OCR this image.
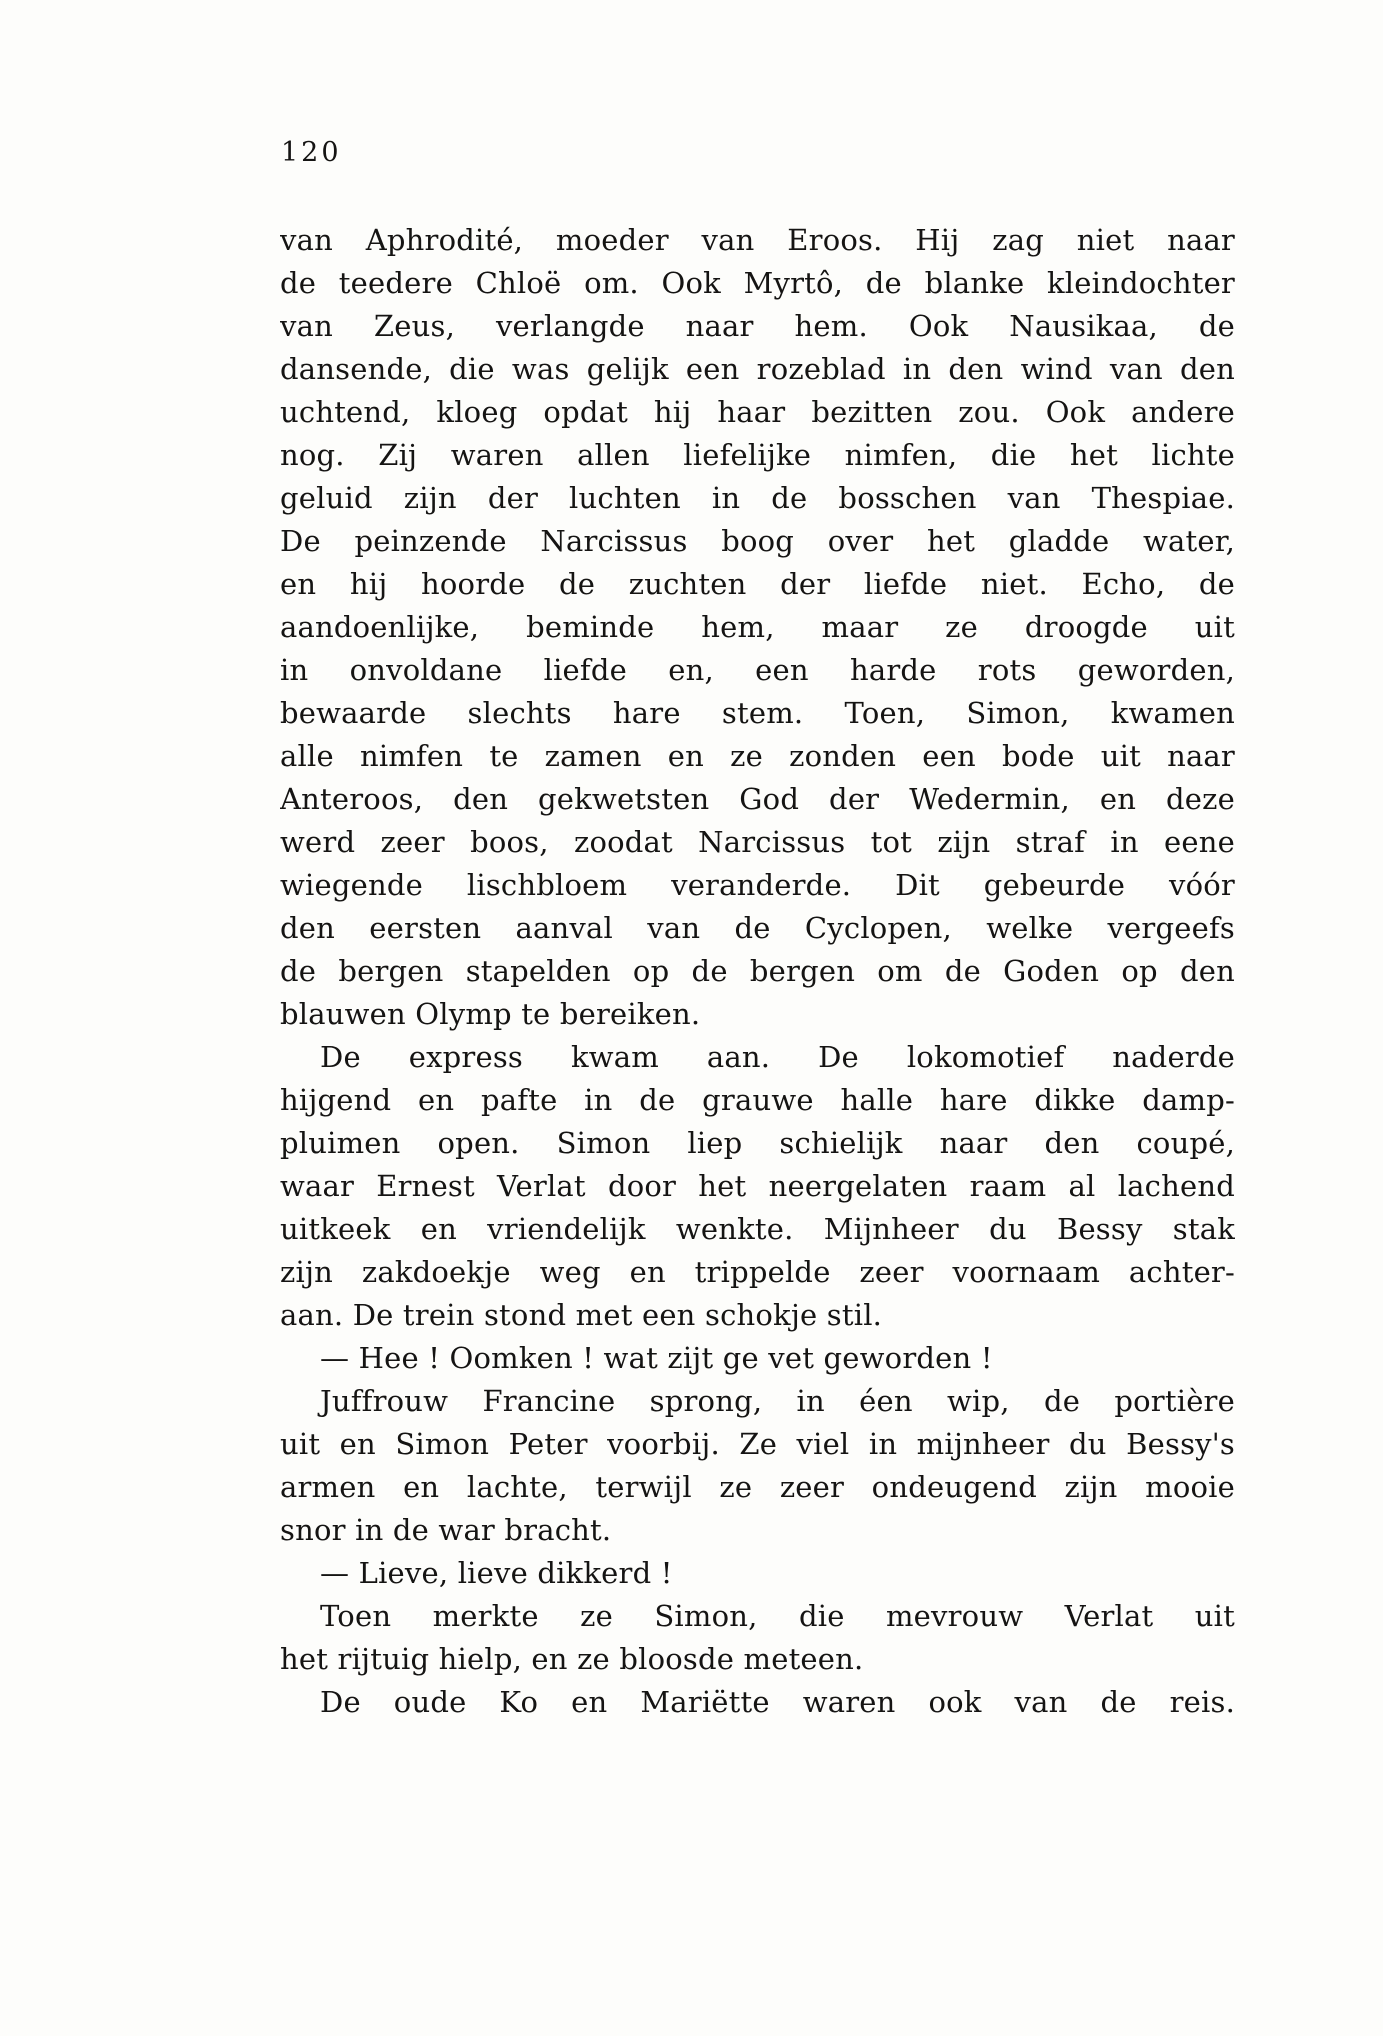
120
van Aphrodité, moeder van Eroos. Hij zag niet naar
de teedere Chloë om. Ook Myrtô, de blanke kleindochter
van Zeus, verlangde naar hem. Ook Nausikaa, de
dansende, die was gelijk een rozeblad in den wind van den
uchtend, kloeg opdat hij haar bezitten zou. Ook andere
nog. Zij waren allen liefelijke nimfen, die het lichte
geluid zijn der luchten in de bosschen van Thespiae.
De peinzende Narcissus boog over het gladde water,
en hij hoorde de zuchten der liefde niet. Echo, de
aandoenlijke, beminde hem, maar ze droogde uit
in onvoldane liefde en, een harde rots geworden,
bewaarde slechts hare stem. Toen, Simon, kwamen
alle nimfen te zamen en ze zonden een bode uit naar
Anteroos, den gekwetsten God der Wedermin, en deze
werd zeer boos, zoodat Narcissus tot zijn straf in eene
wiegende lischbloem veranderde. Dit gebeurde vóór
den eersten aanval van de Cyclopen, welke vergeefs
de bergen stapelden op de bergen om de Goden op den
blauwen Olymp te bereiken.
De express kwam aan. De lokomotief naderde
hijgend en pafte in de grauwe halle hare dikke damp-
pluimen open. Simon liep schielijk naar den coupé,
waar Ernest Verlat door het neergelaten raam al lachend
uitkeek en vriendelijk wenkte. Mijnheer du Bessy stak
zijn zakdoekje weg en trippelde zeer voornaam achter-
aan. De trein stond met een schokje stil.
— Hee ! Oomken ! wat zijt ge vet geworden !
Juffrouw Francine sprong, in éen wip, de portière
uit en Simon Peter voorbij. Ze viel in mijnheer du Bessy's
armen en lachte, terwijl ze zeer ondeugend zijn mooie
snor in de war bracht.
— Lieve, lieve dikkerd !
Toen merkte ze Simon, die mevrouw Verlat uit
het rijtuig hielp, en ze bloosde meteen.
De oude Ko en Mariëtte waren ook van de reis.
